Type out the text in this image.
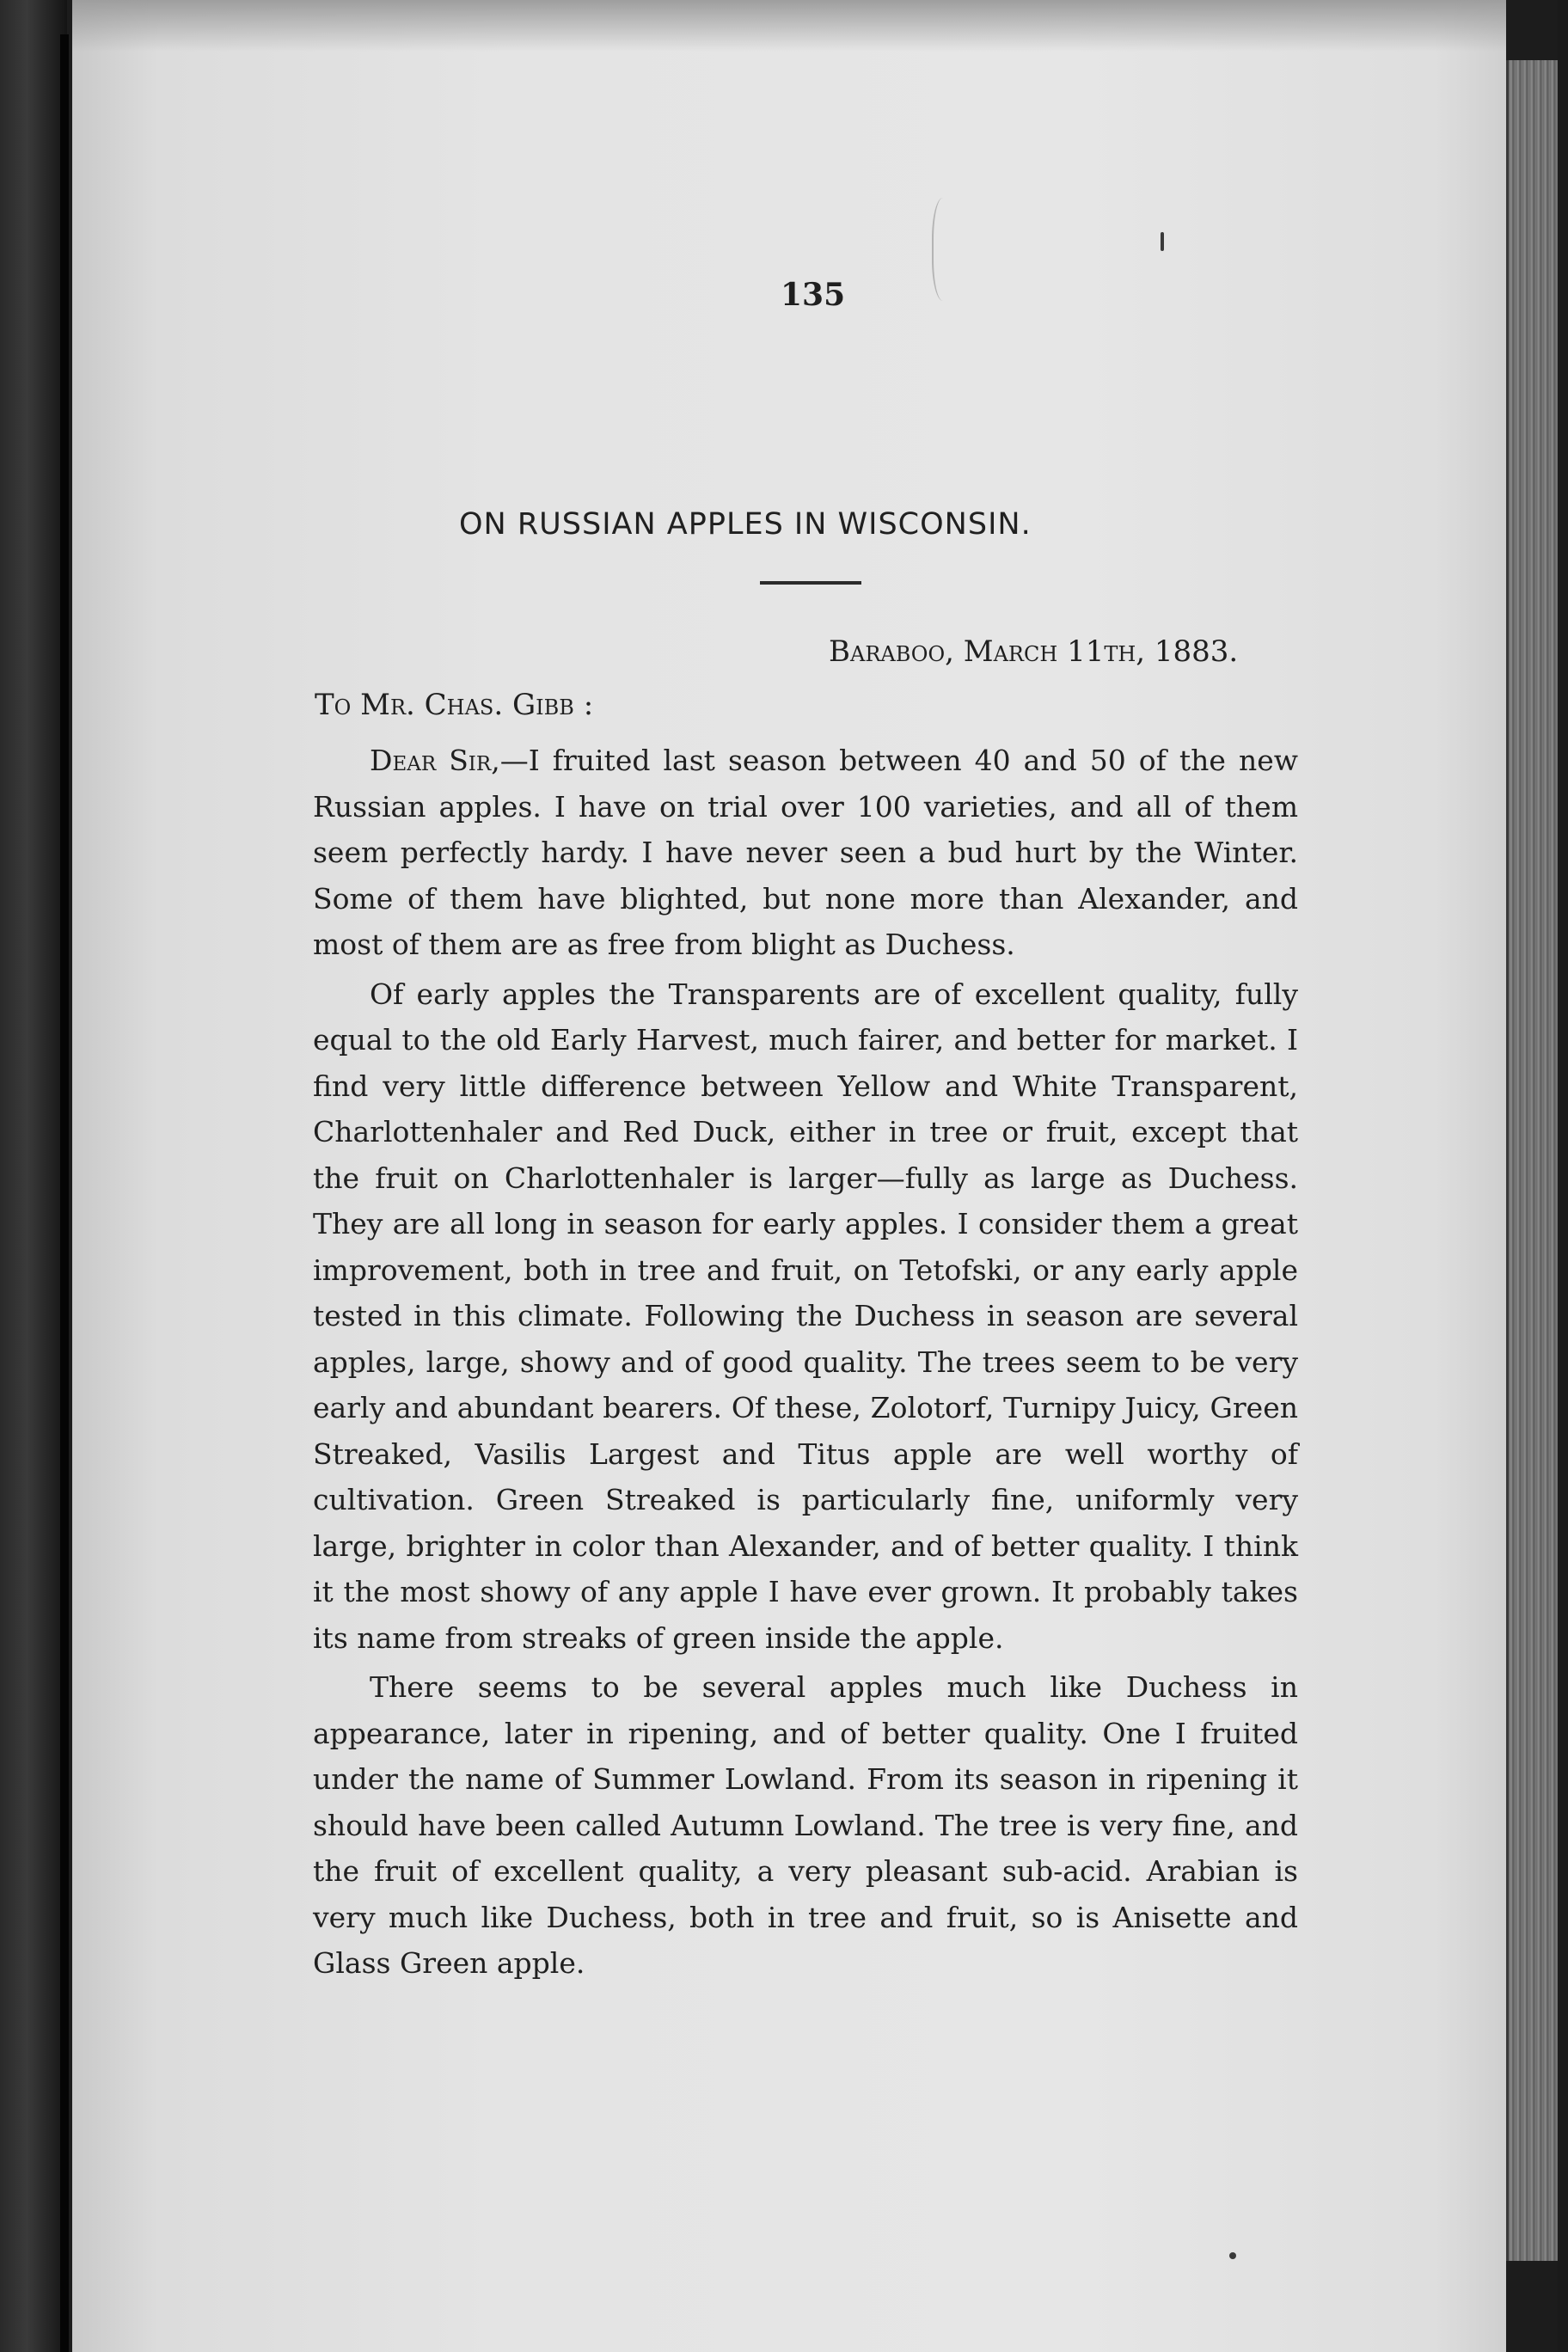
135
ON RUSSIAN APPLES IN WISCONSIN.
Baraboo, March 11th, 1883.
To Mr. Chas. Gibb :

Dear Sir,—I fruited last season between 40 and 50 of the new Russian apples. I have on trial over 100 varieties, and all of them seem perfectly hardy. I have never seen a bud hurt by the Winter. Some of them have blighted, but none more than Alexander, and most of them are as free from blight as Duchess.

Of early apples the Transparents are of excellent quality, fully equal to the old Early Harvest, much fairer, and better for market. I find very little difference between Yellow and White Transparent, Charlottenhaler and Red Duck, either in tree or fruit, except that the fruit on Charlottenhaler is larger—fully as large as Duchess. They are all long in season for early apples. I consider them a great improvement, both in tree and fruit, on Tetofski, or any early apple tested in this climate. Following the Duchess in season are several apples, large, showy and of good quality. The trees seem to be very early and abundant bearers. Of these, Zolotorf, Turnipy Juicy, Green Streaked, Vasilis Largest and Titus apple are well worthy of cultivation. Green Streaked is particularly fine, uniformly very large, brighter in color than Alexander, and of better quality. I think it the most showy of any apple I have ever grown. It probably takes its name from streaks of green inside the apple.

There seems to be several apples much like Duchess in appearance, later in ripening, and of better quality. One I fruited under the name of Summer Lowland. From its season in ripening it should have been called Autumn Lowland. The tree is very fine, and the fruit of excellent quality, a very pleasant sub-acid. Arabian is very much like Duchess, both in tree and fruit, so is Anisette and Glass Green apple.
